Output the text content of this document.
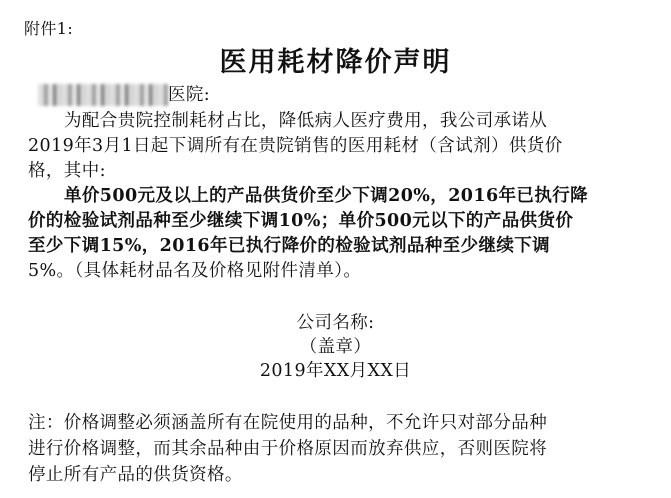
附件1:
医用耗材降价声明
医院:
为配合贵院控制耗材占比，降低病人医疗费用，我公司承诺从
2019年3月1日起下调所有在贵院销售的医用耗材（含试剂）供货价
格，其中:
单价500元及以上的产品供货价至少下调20%，2016年已执行降
价的检验试剂品种至少继续下调10%；单价500元以下的产品供货价
至少下调15%，2016年已执行降价的检验试剂品种至少继续下调
5%。（具体耗材品名及价格见附件清单）。
公司名称:
（盖章）
2019年XX月XX日
注：价格调整必须涵盖所有在院使用的品种，不允许只对部分品种
进行价格调整，而其余品种由于价格原因而放弃供应，否则医院将
停止所有产品的供货资格。
